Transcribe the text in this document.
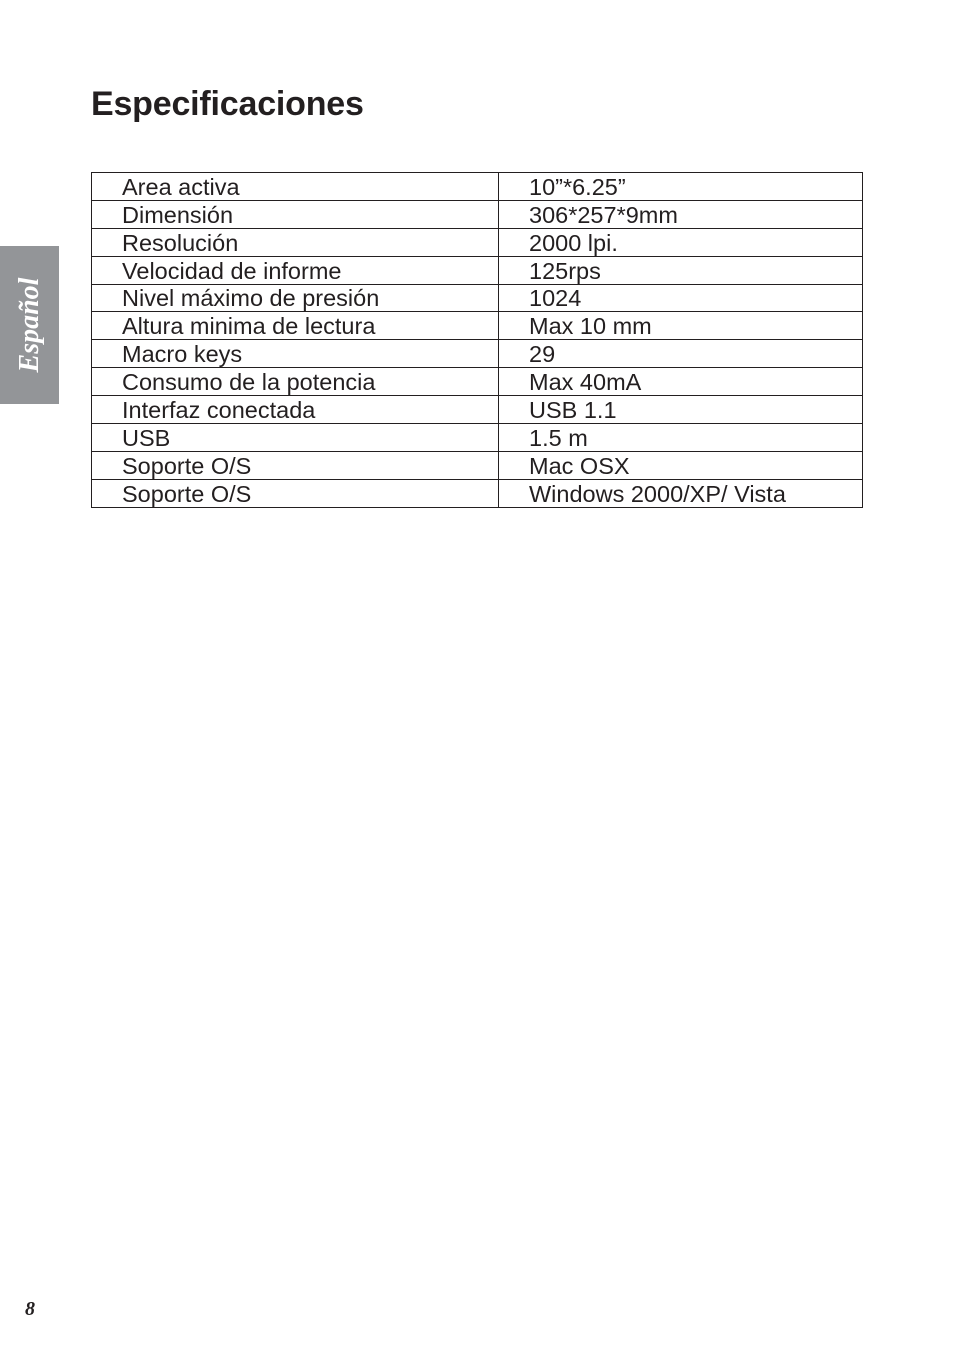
Especificaciones
Español
Area activa	10”*6.25”
Dimensión	306*257*9mm
Resolución	2000 lpi.
Velocidad de informe	125rps
Nivel máximo de presión	1024
Altura minima de lectura	Max 10 mm
Macro keys	29
Consumo de la potencia	Max 40mA
Interfaz conectada	USB 1.1
USB	1.5 m
Soporte O/S	Mac OSX
Soporte O/S	Windows 2000/XP/ Vista
8
